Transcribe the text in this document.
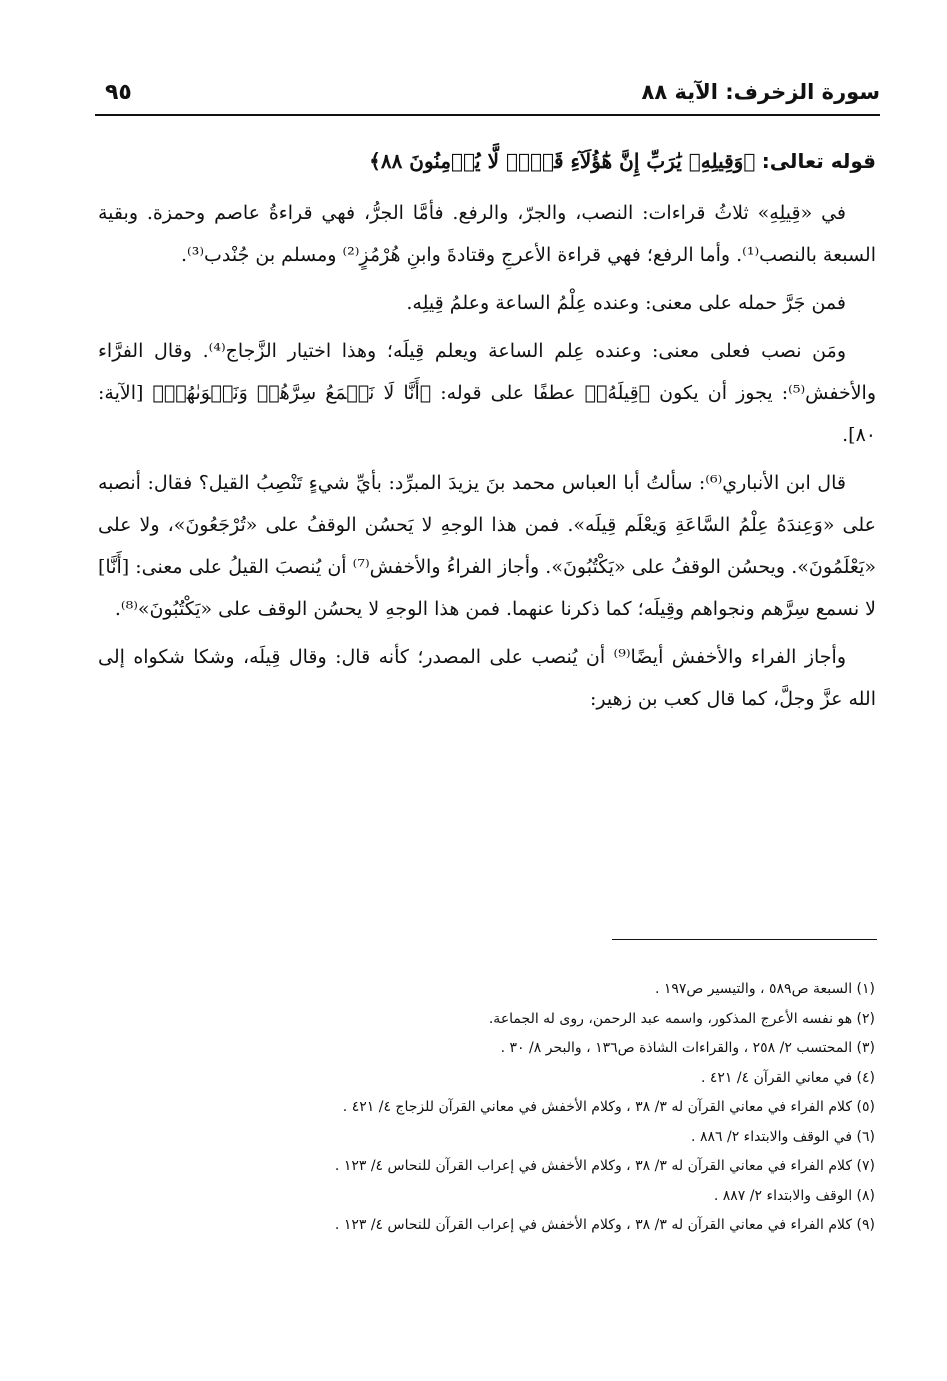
سورة الزخرف: الآية ٨٨
٩٥

قوله تعالى: ﴿وَقِيلِهِۦ يَٰرَبِّ إِنَّ هَٰٓؤُلَآءِ قَوۡمٞ لَّا يُؤۡمِنُونَ ٨٨﴾

في «قِيلِهِ» ثلاثُ قراءات: النصب، والجرّ، والرفع. فأمَّا الجرُّ، فهي قراءةُ عاصم وحمزة. وبقية السبعة بالنصب⁽¹⁾. وأما الرفع؛ فهي قراءة الأعرجِ وقتادةَ وابنِ هُرْمُزٍ⁽²⁾ ومسلم بن جُنْدب⁽³⁾.

فمن جَرَّ حمله على معنى: وعنده عِلْمُ الساعة وعلمُ قِيلِه.

ومَن نصب فعلى معنى: وعنده عِلم الساعة ويعلم قِيلَه؛ وهذا اختيار الزَّجاج⁽⁴⁾. وقال الفرَّاء والأخفش⁽⁵⁾: يجوز أن يكون ﴿قِيلَهُۥ﴾ عطفًا على قوله: ﴿أَنَّا لَا نَسۡمَعُ سِرَّهُمۡ وَنَجۡوَىٰهُمۚ﴾ [الآية: ٨٠].

قال ابن الأنباري⁽⁶⁾: سألتُ أبا العباس محمد بنَ يزيدَ المبرِّد: بأيِّ شيءٍ تَنْصِبُ القيل؟ فقال: أنصبه على «وَعِندَهُ عِلْمُ السَّاعَةِ وَيعْلَم قِيلَه». فمن هذا الوجهِ لا يَحسُن الوقفُ على «تُرْجَعُونَ»، ولا على «يَعْلَمُونَ». ويحسُن الوقفُ على «يَكْتُبُونَ». وأجاز الفراءُ والأخفش⁽⁷⁾ أن يُنصبَ القيلُ على معنى: [أَنَّا] لا نسمع سِرَّهم ونجواهم وقِيلَه؛ كما ذكرنا عنهما. فمن هذا الوجهِ لا يحسُن الوقف على «يَكْتُبُونَ»⁽⁸⁾.

وأجاز الفراء والأخفش أيضًا⁽⁹⁾ أن يُنصب على المصدر؛ كأنه قال: وقال قِيلَه، وشكا شكواه إلى الله عزَّ وجلَّ، كما قال كعب بن زهير:

(١) السبعة ص٥٨٩ ، والتيسير ص١٩٧ .
(٢) هو نفسه الأعرج المذكور، واسمه عبد الرحمن، روى له الجماعة.
(٣) المحتسب ٢/ ٢٥٨ ، والقراءات الشاذة ص١٣٦ ، والبحر ٨/ ٣٠ .
(٤) في معاني القرآن ٤/ ٤٢١ .
(٥) كلام الفراء في معاني القرآن له ٣/ ٣٨ ، وكلام الأخفش في معاني القرآن للزجاج ٤/ ٤٢١ .
(٦) في الوقف والابتداء ٢/ ٨٨٦ .
(٧) كلام الفراء في معاني القرآن له ٣/ ٣٨ ، وكلام الأخفش في إعراب القرآن للنحاس ٤/ ١٢٣ .
(٨) الوقف والابتداء ٢/ ٨٨٧ .
(٩) كلام الفراء في معاني القرآن له ٣/ ٣٨ ، وكلام الأخفش في إعراب القرآن للنحاس ٤/ ١٢٣ .
